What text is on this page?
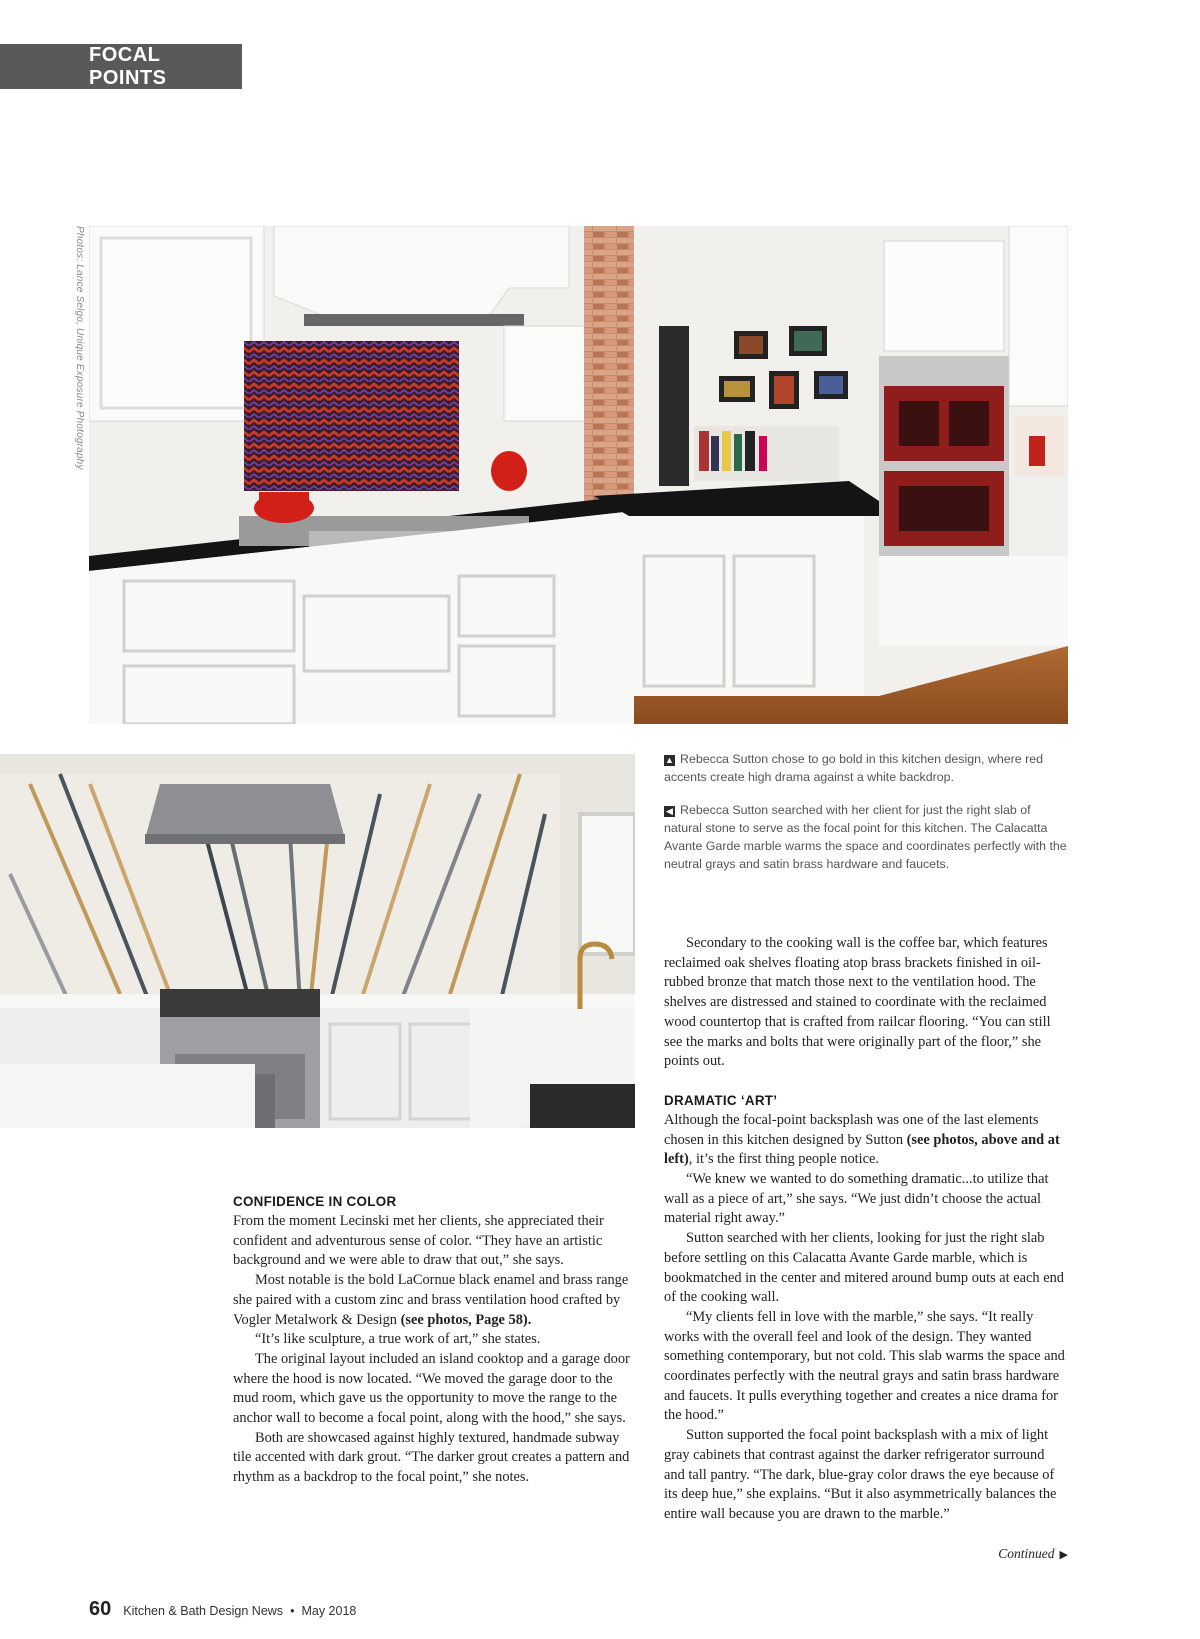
FOCAL POINTS
Photos: Lance Selgo, Unique Exposure Photography

▲ Rebecca Sutton chose to go bold in this kitchen design, where red accents create high drama against a white backdrop.

◀ Rebecca Sutton searched with her client for just the right slab of natural stone to serve as the focal point for this kitchen. The Calacatta Avante Garde marble warms the space and coordinates perfectly with the neutral grays and satin brass hardware and faucets.

CONFIDENCE IN COLOR

From the moment Lecinski met her clients, she appreciated their confident and adventurous sense of color. “They have an artistic background and we were able to draw that out,” she says.

Most notable is the bold LaCornue black enamel and brass range she paired with a custom zinc and brass ventilation hood crafted by Vogler Metalwork & Design (see photos, Page 58).

“It’s like sculpture, a true work of art,” she states.

The original layout included an island cooktop and a garage door where the hood is now located. “We moved the garage door to the mud room, which gave us the opportunity to move the range to the anchor wall to become a focal point, along with the hood,” she says.

Both are showcased against highly textured, handmade subway tile accented with dark grout. “The darker grout creates a pattern and rhythm as a backdrop to the focal point,” she notes.

Secondary to the cooking wall is the coffee bar, which features reclaimed oak shelves floating atop brass brackets finished in oil-rubbed bronze that match those next to the ventilation hood. The shelves are distressed and stained to coordinate with the reclaimed wood countertop that is crafted from railcar flooring. “You can still see the marks and bolts that were originally part of the floor,” she points out.

DRAMATIC ‘ART’

Although the focal-point backsplash was one of the last elements chosen in this kitchen designed by Sutton (see photos, above and at left), it’s the first thing people notice.

“We knew we wanted to do something dramatic...to utilize that wall as a piece of art,” she says. “We just didn’t choose the actual material right away.”

Sutton searched with her clients, looking for just the right slab before settling on this Calacatta Avante Garde marble, which is bookmatched in the center and mitered around bump outs at each end of the cooking wall.

“My clients fell in love with the marble,” she says. “It really works with the overall feel and look of the design. They wanted something contemporary, but not cold. This slab warms the space and coordinates perfectly with the neutral grays and satin brass hardware and faucets. It pulls everything together and creates a nice drama for the hood.”

Sutton supported the focal point backsplash with a mix of light gray cabinets that contrast against the darker refrigerator surround and tall pantry. “The dark, blue-gray color draws the eye because of its deep hue,” she explains. “But it also asymmetrically balances the entire wall because you are drawn to the marble.”

Continued ▶
60 Kitchen & Bath Design News • May 2018
